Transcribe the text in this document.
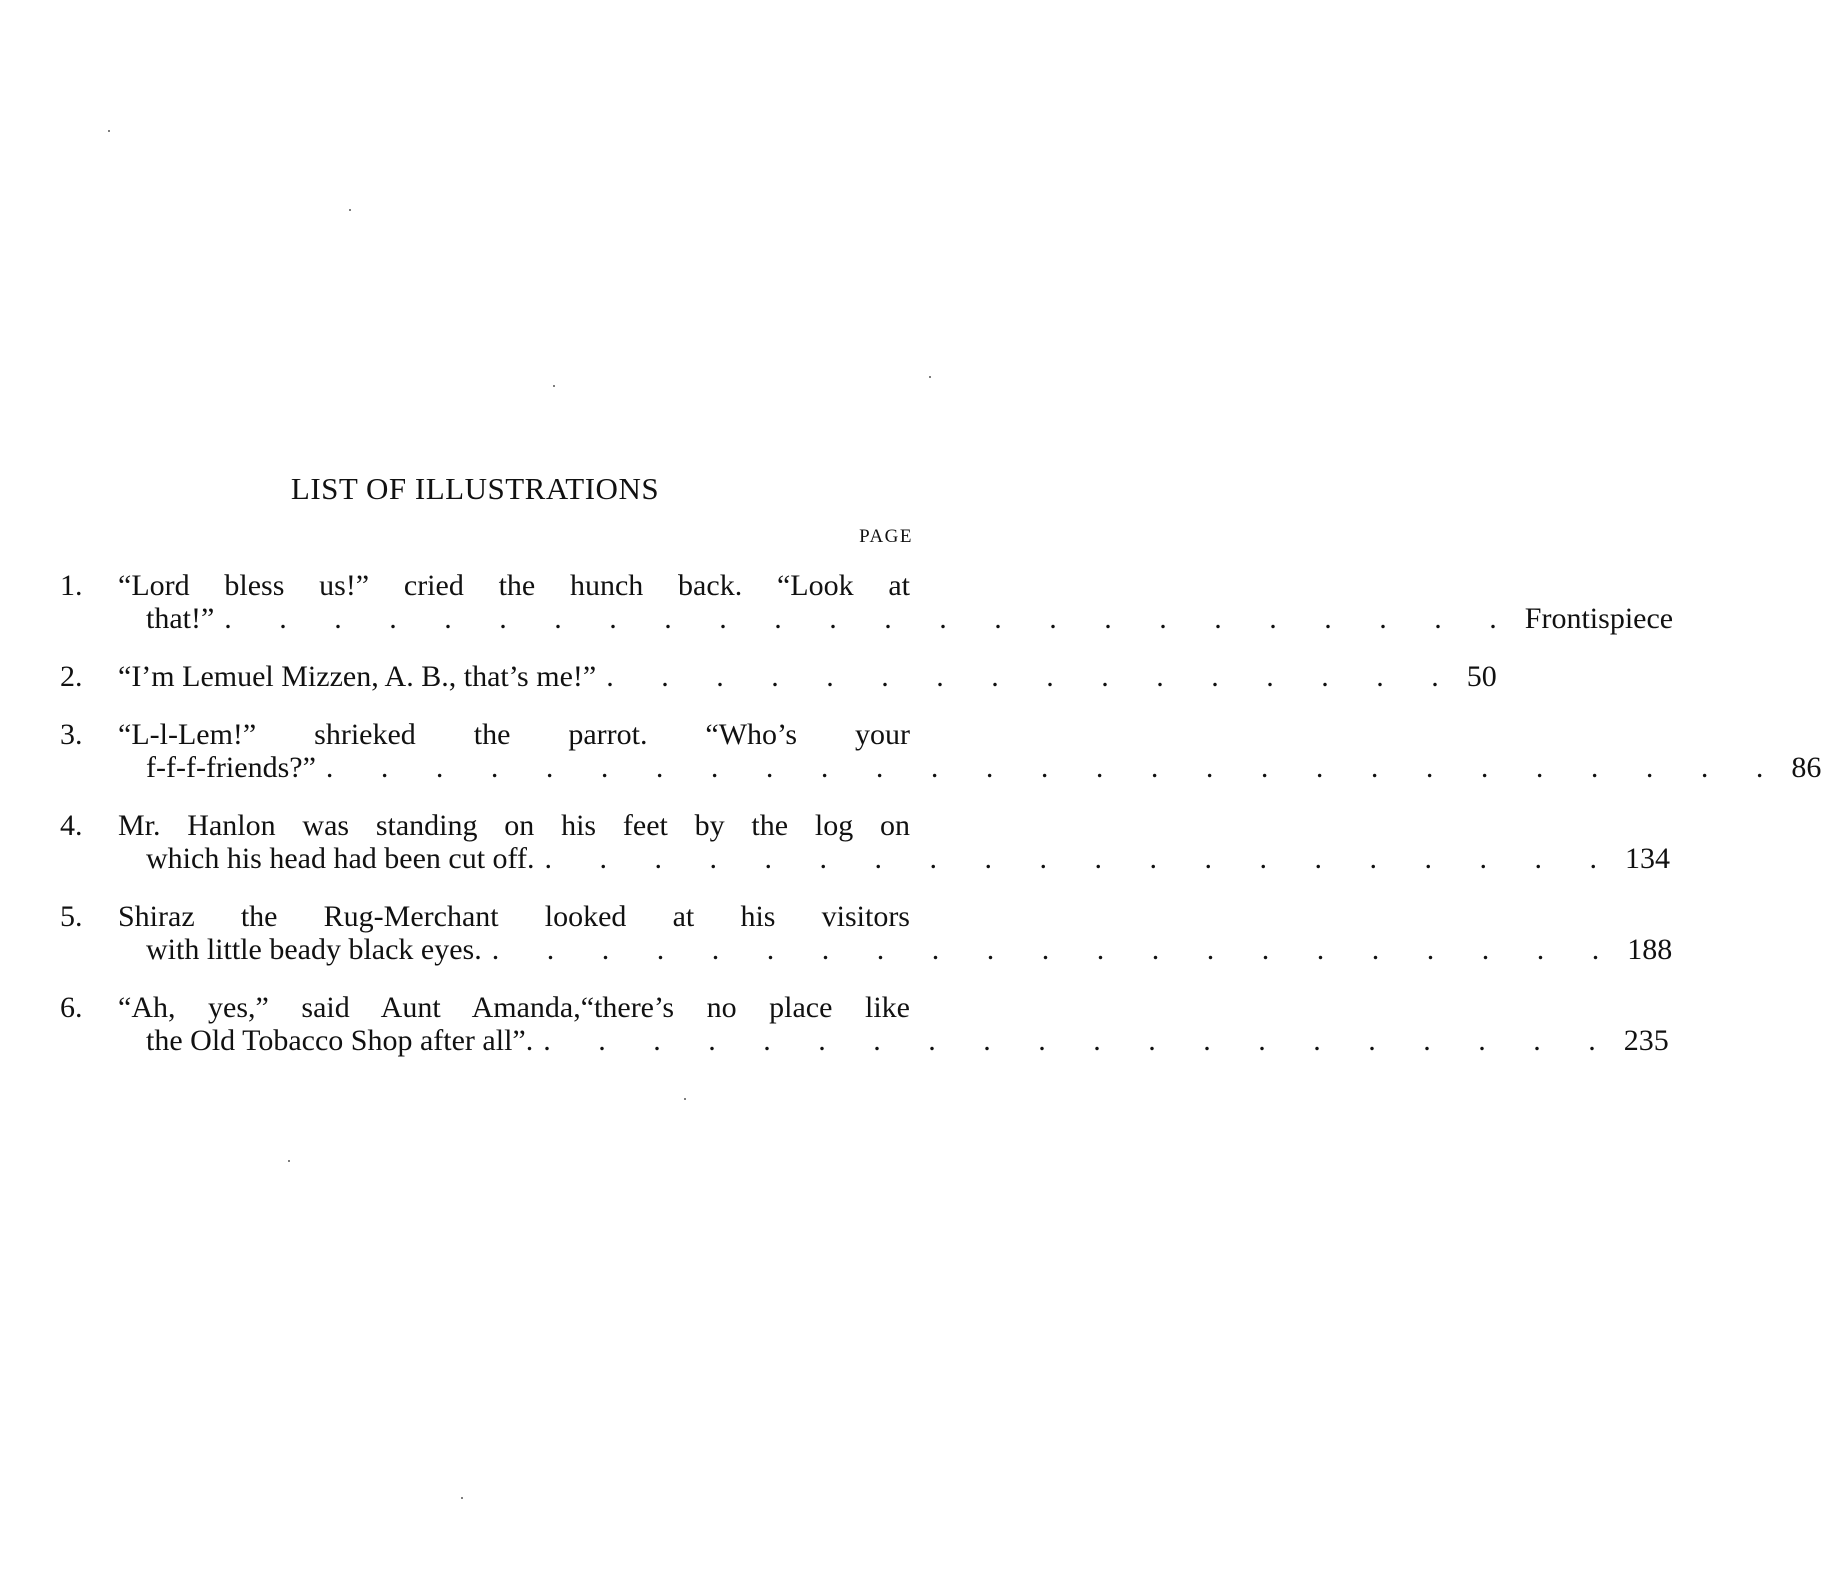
LIST OF ILLUSTRATIONS
PAGE
1. “Lord bless us!” cried the hunch back. “Look at
that!” . . . . . . . . . . . . . . . . . . . . . . . . Frontispiece
2. “I’m Lemuel Mizzen, A. B., that’s me!” . . . . . . . . . . . . . . . . 50
3. “L-l-Lem!” shrieked the parrot. “Who’s your
f-f-f-friends?” . . . . . . . . . . . . . . . . . . . . . . . . . . . 86
4. Mr. Hanlon was standing on his feet by the log on
which his head had been cut off. . . . . . . . . . . . . . . . . . . . . 134
5. Shiraz the Rug-Merchant looked at his visitors
with little beady black eyes. . . . . . . . . . . . . . . . . . . . . . 188
6. “Ah, yes,” said Aunt Amanda,“there’s no place like
the Old Tobacco Shop after all”. . . . . . . . . . . . . . . . . . . . . 235
